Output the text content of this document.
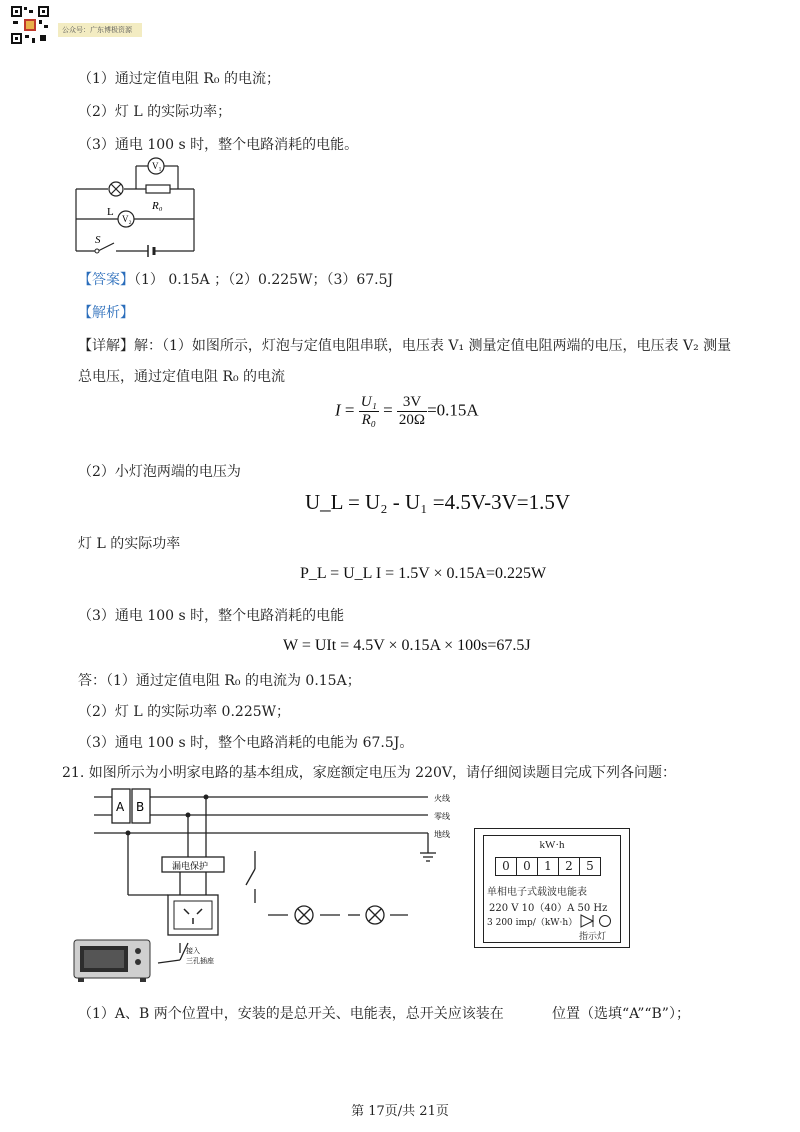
公众号：广东博极资源
（1）通过定值电阻 R₀ 的电流；
（2）灯 L 的实际功率；
（3）通电 100 s 时，整个电路消耗的电能。
V₁
V₂
L	R₀
S
【答案】（1） 0.15A ；（2）0.225W；（3）67.5J
【解析】
【详解】解：（1）如图所示，灯泡与定值电阻串联，电压表 V₁ 测量定值电阻两端的电压，电压表 V₂ 测量
总电压，通过定值电阻 R₀ 的电流
$I = \frac{\text{U₁}}{\text{R₀}} = \frac{3V}{20\Omega} =0.15A$
（2）小灯泡两端的电压为
U_L = U₂ - U₁ =4.5V-3V=1.5V
灯 L 的实际功率
P_L = U_L I = 1.5V × 0.15A=0.225W
（3）通电 100 s 时，整个电路消耗的电能
W = UIt = 4.5V × 0.15A × 100s=67.5J
答：（1）通过定值电阻 R₀ 的电流为 0.15A；
（2）灯 L 的实际功率 0.225W；
（3）通电 100 s 时，整个电路消耗的电能为 67.5J。
21. 如图所示为小明家电路的基本组成，家庭额定电压为 220V，请仔细阅读题目完成下列各问题：
A B
火线
零线
地线
漏电保护
接入
三孔插座
kW·h
0	0	1	2	5
单相电子式载波电能表
220 V 10（40）A 50 Hz
3 200 imp/（kW·h）
指示灯
（1）A、B 两个位置中，安装的是总开关、电能表，总开关应该装在	位置（选填“A”“B”）；
第 17页/共 21页
